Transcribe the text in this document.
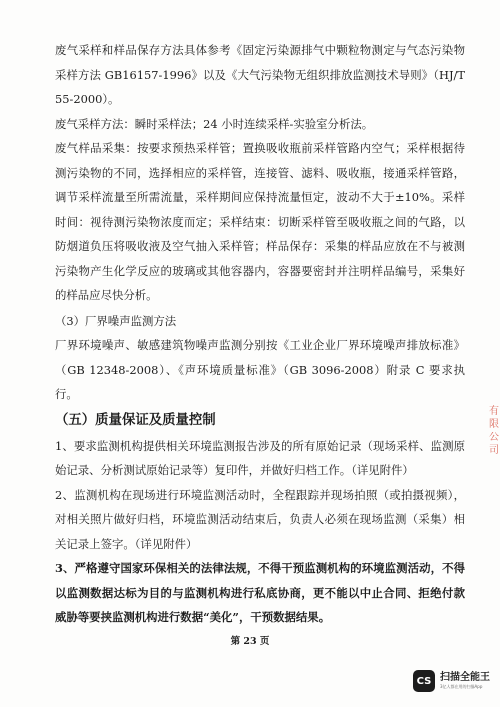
废气采样和样品保存方法具体参考《固定污染源排气中颗粒物测定与气态污染物采样方法 GB16157-1996》以及《大气污染物无组织排放监测技术导则》（HJ/T 55-2000）。

废气采样方法：瞬时采样法；24 小时连续采样-实验室分析法。

废气样品采集：按要求预热采样管；置换吸收瓶前采样管路内空气；采样根据待测污染物的不同，选择相应的采样管，连接管、滤料、吸收瓶，接通采样管路，调节采样流量至所需流量，采样期间应保持流量恒定，波动不大于±10%。采样时间：视待测污染物浓度而定；采样结束：切断采样管至吸收瓶之间的气路，以防烟道负压将吸收液及空气抽入采样管；样品保存：采集的样品应放在不与被测污染物产生化学反应的玻璃或其他容器内，容器要密封并注明样品编号，采集好的样品应尽快分析。

（3）厂界噪声监测方法

厂界环境噪声、敏感建筑物噪声监测分别按《工业企业厂界环境噪声排放标准》（GB 12348-2008）、《声环境质量标准》（GB 3096-2008）附录 C 要求执行。

（五）质量保证及质量控制

1、要求监测机构提供相关环境监测报告涉及的所有原始记录（现场采样、监测原始记录、分析测试原始记录等）复印件，并做好归档工作。（详见附件）

2、监测机构在现场进行环境监测活动时，全程跟踪并现场拍照（或拍摄视频），对相关照片做好归档，环境监测活动结束后，负责人必须在现场监测（采集）相关记录上签字。（详见附件）

3、严格遵守国家环保相关的法律法规，不得干预监测机构的环境监测活动，不得以监测数据达标为目的与监测机构进行私底协商，更不能以中止合同、拒绝付款威胁等要挟监测机构进行数据“美化”，干预数据结果。

第 23 页
有
限
公
司
CS 扫描全能王
3亿人都在用的扫描App
